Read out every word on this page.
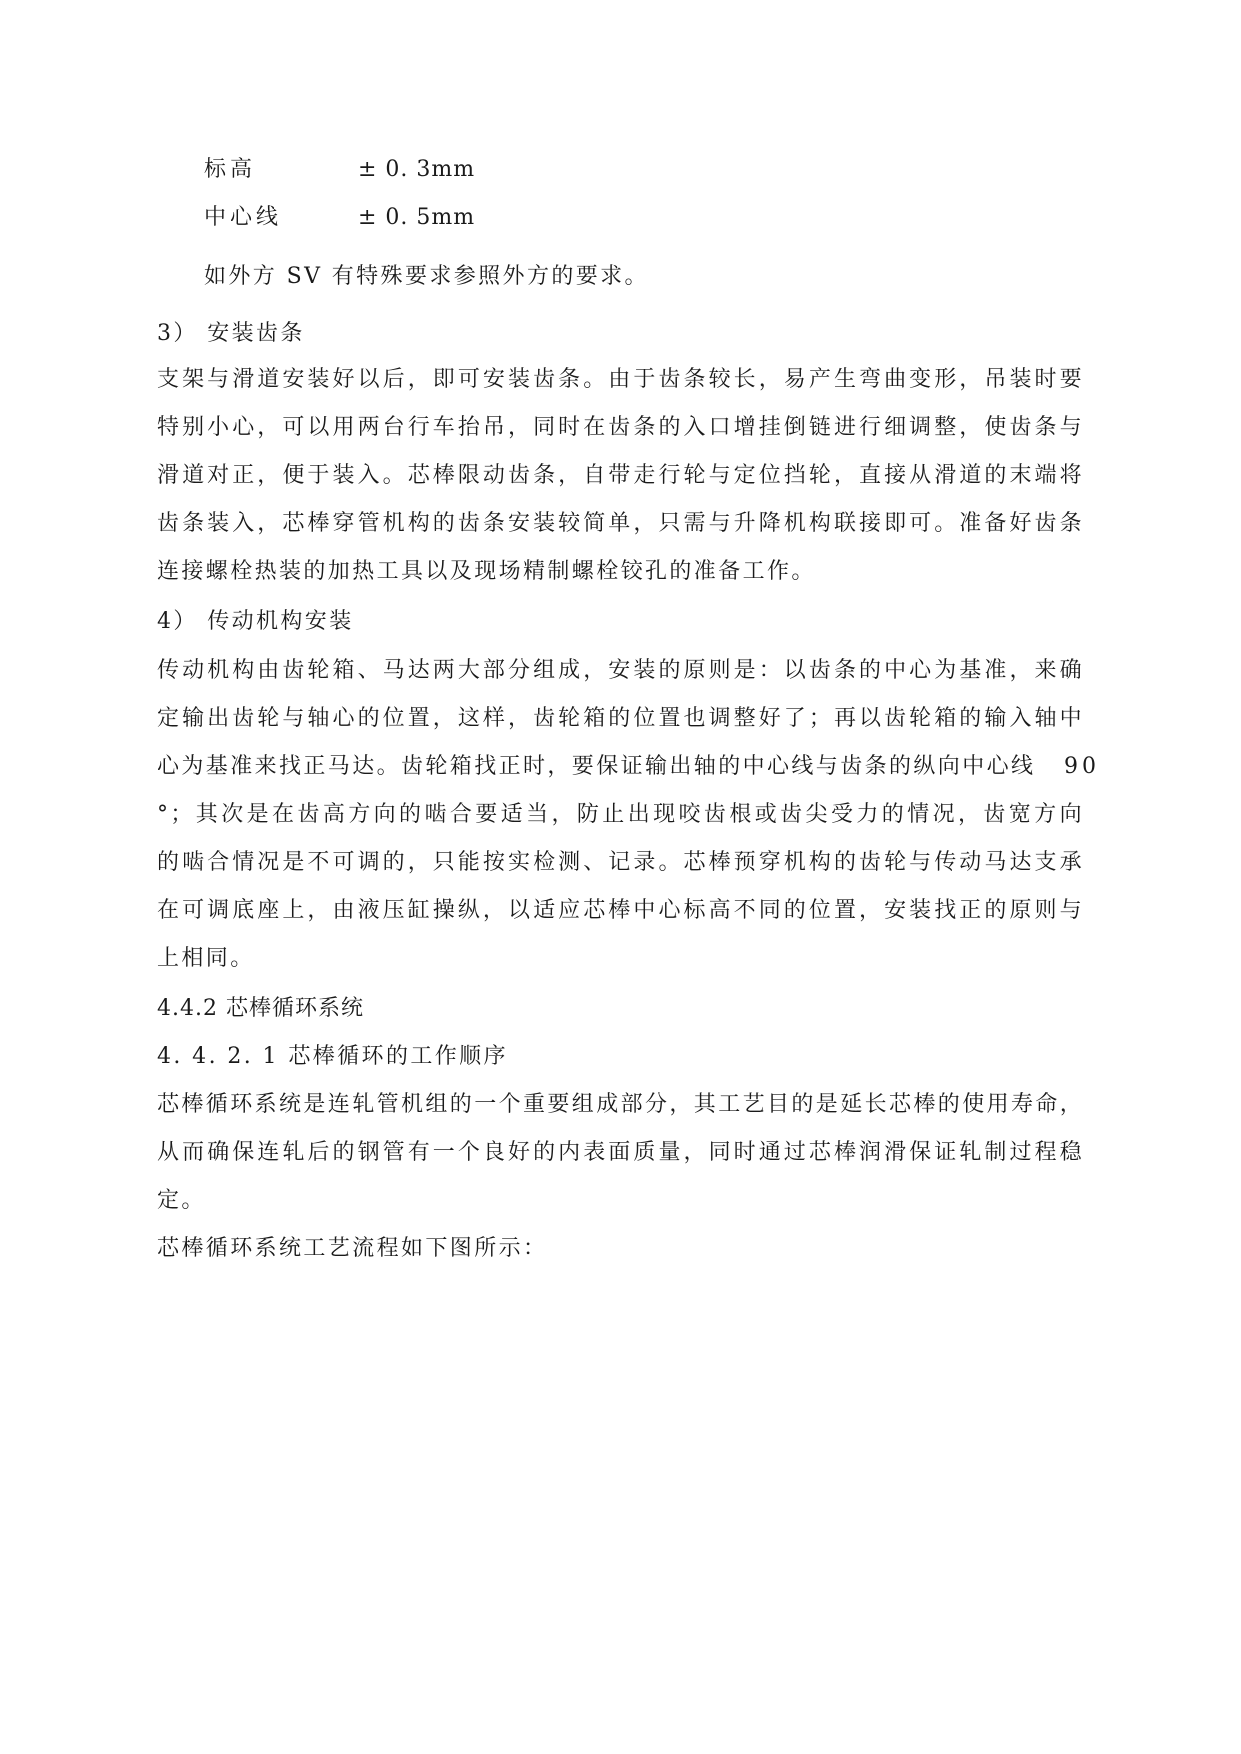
标高	± 0. 3mm
中心线	± 0. 5mm
如外方 SV 有特殊要求参照外方的要求。
3） 安装齿条
支架与滑道安装好以后，即可安装齿条。由于齿条较长，易产生弯曲变形，吊装时要
特别小心，可以用两台行车抬吊，同时在齿条的入口增挂倒链进行细调整，使齿条与
滑道对正，便于装入。芯棒限动齿条，自带走行轮与定位挡轮，直接从滑道的末端将
齿条装入，芯棒穿管机构的齿条安装较简单，只需与升降机构联接即可。准备好齿条
连接螺栓热装的加热工具以及现场精制螺栓铰孔的准备工作。
4） 传动机构安装
传动机构由齿轮箱、马达两大部分组成，安装的原则是：以齿条的中心为基准，来确
定输出齿轮与轴心的位置，这样，齿轮箱的位置也调整好了；再以齿轮箱的输入轴中
心为基准来找正马达。齿轮箱找正时，要保证输出轴的中心线与齿条的纵向中心线 90
°；其次是在齿高方向的啮合要适当，防止出现咬齿根或齿尖受力的情况，齿宽方向
的啮合情况是不可调的，只能按实检测、记录。芯棒预穿机构的齿轮与传动马达支承
在可调底座上，由液压缸操纵，以适应芯棒中心标高不同的位置，安装找正的原则与
上相同。
4.4.2 芯棒循环系统
4. 4. 2. 1 芯棒循环的工作顺序
芯棒循环系统是连轧管机组的一个重要组成部分，其工艺目的是延长芯棒的使用寿命，
从而确保连轧后的钢管有一个良好的内表面质量，同时通过芯棒润滑保证轧制过程稳
定。
芯棒循环系统工艺流程如下图所示：
